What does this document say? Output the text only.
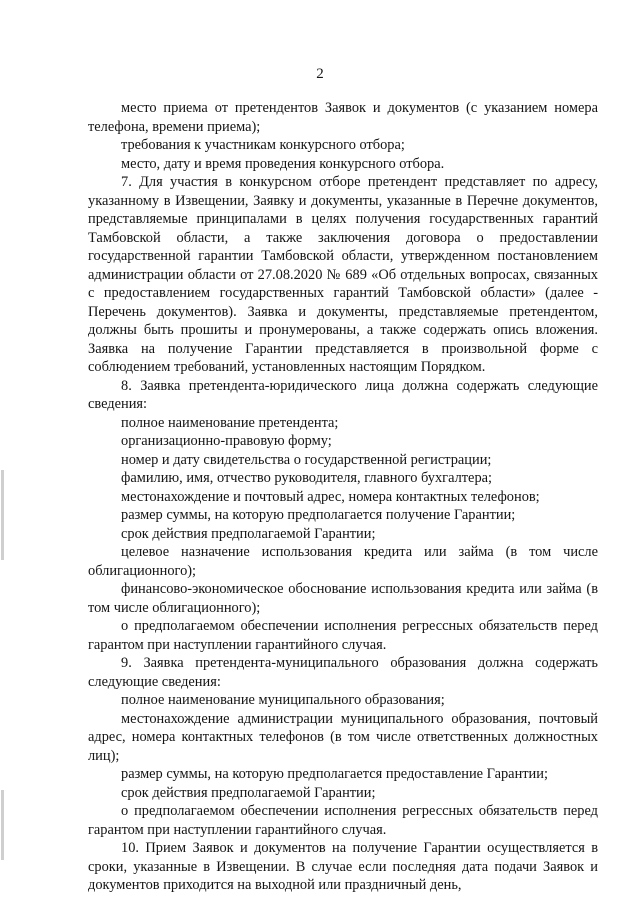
2

место приема от претендентов Заявок и документов (с указанием номера телефона, времени приема);

требования к участникам конкурсного отбора;

место, дату и время проведения конкурсного отбора.

7. Для участия в конкурсном отборе претендент представляет по адресу, указанному в Извещении, Заявку и документы, указанные в Перечне документов, представляемые принципалами в целях получения государственных гарантий Тамбовской области, а также заключения договора о предоставлении государственной гарантии Тамбовской области, утвержденном постановлением администрации области от 27.08.2020 № 689 «Об отдельных вопросах, связанных с предоставлением государственных гарантий Тамбовской области» (далее - Перечень документов). Заявка и документы, представляемые претендентом, должны быть прошиты и пронумерованы, а также содержать опись вложения. Заявка на получение Гарантии представляется в произвольной форме с соблюдением требований, установленных настоящим Порядком.

8. Заявка претендента-юридического лица должна содержать следующие сведения:

полное наименование претендента;

организационно-правовую форму;

номер и дату свидетельства о государственной регистрации;

фамилию, имя, отчество руководителя, главного бухгалтера;

местонахождение и почтовый адрес, номера контактных телефонов;

размер суммы, на которую предполагается получение Гарантии;

срок действия предполагаемой Гарантии;

целевое назначение использования кредита или займа (в том числе облигационного);

финансово-экономическое обоснование использования кредита или займа (в том числе облигационного);

о предполагаемом обеспечении исполнения регрессных обязательств перед гарантом при наступлении гарантийного случая.

9. Заявка претендента-муниципального образования должна содержать следующие сведения:

полное наименование муниципального образования;

местонахождение администрации муниципального образования, почтовый адрес, номера контактных телефонов (в том числе ответственных должностных лиц);

размер суммы, на которую предполагается предоставление Гарантии;

срок действия предполагаемой Гарантии;

о предполагаемом обеспечении исполнения регрессных обязательств перед гарантом при наступлении гарантийного случая.

10. Прием Заявок и документов на получение Гарантии осуществляется в сроки, указанные в Извещении. В случае если последняя дата подачи Заявок и документов приходится на выходной или праздничный день,
